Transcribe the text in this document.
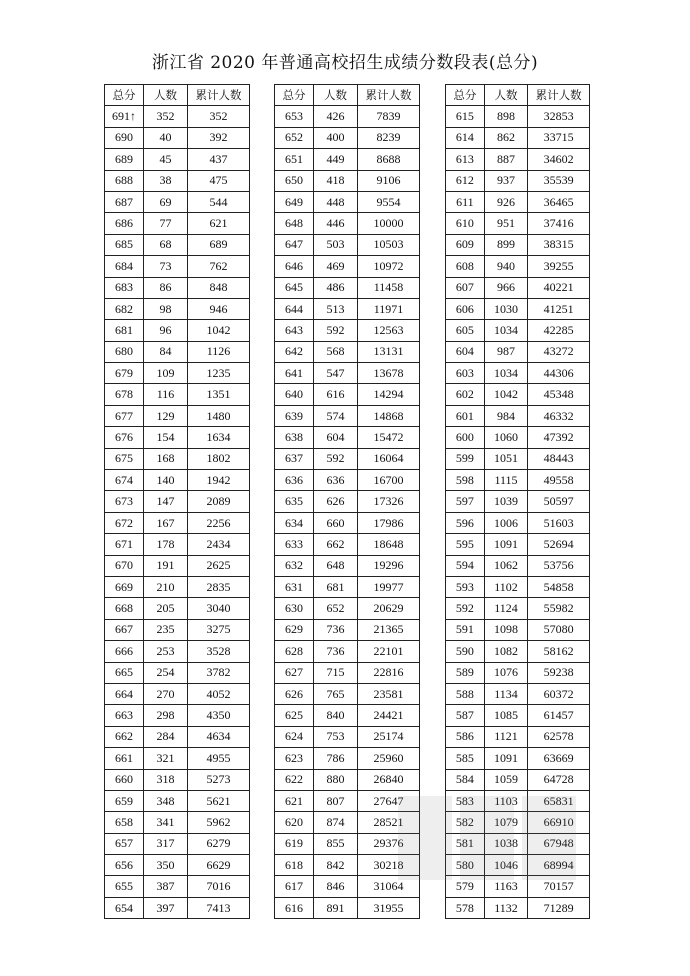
浙江省 2020 年普通高校招生成绩分数段表(总分)
总分	人数	累计人数
691↑	352	352
690	40	392
689	45	437
688	38	475
687	69	544
686	77	621
685	68	689
684	73	762
683	86	848
682	98	946
681	96	1042
680	84	1126
679	109	1235
678	116	1351
677	129	1480
676	154	1634
675	168	1802
674	140	1942
673	147	2089
672	167	2256
671	178	2434
670	191	2625
669	210	2835
668	205	3040
667	235	3275
666	253	3528
665	254	3782
664	270	4052
663	298	4350
662	284	4634
661	321	4955
660	318	5273
659	348	5621
658	341	5962
657	317	6279
656	350	6629
655	387	7016
654	397	7413
总分	人数	累计人数
653	426	7839
652	400	8239
651	449	8688
650	418	9106
649	448	9554
648	446	10000
647	503	10503
646	469	10972
645	486	11458
644	513	11971
643	592	12563
642	568	13131
641	547	13678
640	616	14294
639	574	14868
638	604	15472
637	592	16064
636	636	16700
635	626	17326
634	660	17986
633	662	18648
632	648	19296
631	681	19977
630	652	20629
629	736	21365
628	736	22101
627	715	22816
626	765	23581
625	840	24421
624	753	25174
623	786	25960
622	880	26840
621	807	27647
620	874	28521
619	855	29376
618	842	30218
617	846	31064
616	891	31955
总分	人数	累计人数
615	898	32853
614	862	33715
613	887	34602
612	937	35539
611	926	36465
610	951	37416
609	899	38315
608	940	39255
607	966	40221
606	1030	41251
605	1034	42285
604	987	43272
603	1034	44306
602	1042	45348
601	984	46332
600	1060	47392
599	1051	48443
598	1115	49558
597	1039	50597
596	1006	51603
595	1091	52694
594	1062	53756
593	1102	54858
592	1124	55982
591	1098	57080
590	1082	58162
589	1076	59238
588	1134	60372
587	1085	61457
586	1121	62578
585	1091	63669
584	1059	64728
583	1103	65831
582	1079	66910
581	1038	67948
580	1046	68994
579	1163	70157
578	1132	71289
